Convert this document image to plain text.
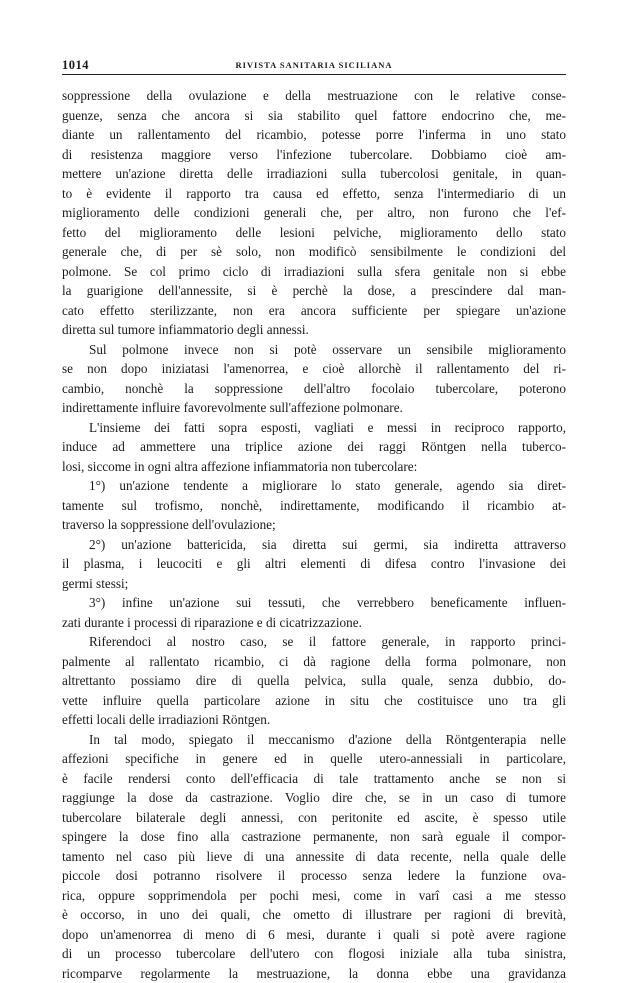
1014	RIVISTA SANITARIA SICILIANA
soppressione della ovulazione e della mestruazione con le relative conse-
guenze, senza che ancora si sia stabilito quel fattore endocrino che, me-
diante un rallentamento del ricambio, potesse porre l'inferma in uno stato
di resistenza maggiore verso l'infezione tubercolare. Dobbiamo cioè am-
mettere un'azione diretta delle irradiazioni sulla tubercolosi genitale, in quan-
to è evidente il rapporto tra causa ed effetto, senza l'intermediario di un
miglioramento delle condizioni generali che, per altro, non furono che l'ef-
fetto del miglioramento delle lesioni pelviche, miglioramento dello stato
generale che, di per sè solo, non modificò sensibilmente le condizioni del
polmone. Se col primo ciclo di irradiazioni sulla sfera genitale non si ebbe
la guarigione dell'annessite, si è perchè la dose, a prescindere dal man-
cato effetto sterilizzante, non era ancora sufficiente per spiegare un'azione
diretta sul tumore infiammatorio degli annessi.
Sul polmone invece non si potè osservare un sensibile miglioramento
se non dopo iniziatasi l'amenorrea, e cioè allorchè il rallentamento del ri-
cambio, nonchè la soppressione dell'altro focolaio tubercolare, poterono
indirettamente influire favorevolmente sull'affezione polmonare.
L'insieme dei fatti sopra esposti, vagliati e messi in reciproco rapporto,
induce ad ammettere una triplice azione dei raggi Röntgen nella tuberco-
losi, siccome in ogni altra affezione infiammatoria non tubercolare:
1°) un'azione tendente a migliorare lo stato generale, agendo sia diret-
tamente sul trofismo, nonchè, indirettamente, modificando il ricambio at-
traverso la soppressione dell'ovulazione;
2°) un'azione battericida, sia diretta sui germi, sia indiretta attraverso
il plasma, i leucociti e gli altri elementi di difesa contro l'invasione dei
germi stessi;
3°) infine un'azione sui tessuti, che verrebbero beneficamente influen-
zati durante i processi di riparazione e di cicatrizzazione.
Riferendoci al nostro caso, se il fattore generale, in rapporto princi-
palmente al rallentato ricambio, ci dà ragione della forma polmonare, non
altrettanto possiamo dire di quella pelvica, sulla quale, senza dubbio, do-
vette influire quella particolare azione in situ che costituisce uno tra gli
effetti locali delle irradiazioni Röntgen.
In tal modo, spiegato il meccanismo d'azione della Röntgenterapia nelle
affezioni specifiche in genere ed in quelle utero-annessiali in particolare,
è facile rendersi conto dell'efficacia di tale trattamento anche se non si
raggiunge la dose da castrazione. Voglio dire che, se in un caso di tumore
tubercolare bilaterale degli annessi, con peritonite ed ascite, è spesso utile
spingere la dose fino alla castrazione permanente, non sarà eguale il compor-
tamento nel caso più lieve di una annessite di data recente, nella quale delle
piccole dosi potranno risolvere il processo senza ledere la funzione ova-
rica, oppure sopprimendola per pochi mesi, come in varî casi a me stesso
è occorso, in uno dei quali, che ometto di illustrare per ragioni di brevità,
dopo un'amenorrea di meno di 6 mesi, durante i quali si potè avere ragione
di un processo tubercolare dell'utero con flogosi iniziale alla tuba sinistra,
ricomparve regolarmente la mestruazione, la donna ebbe una gravidanza
